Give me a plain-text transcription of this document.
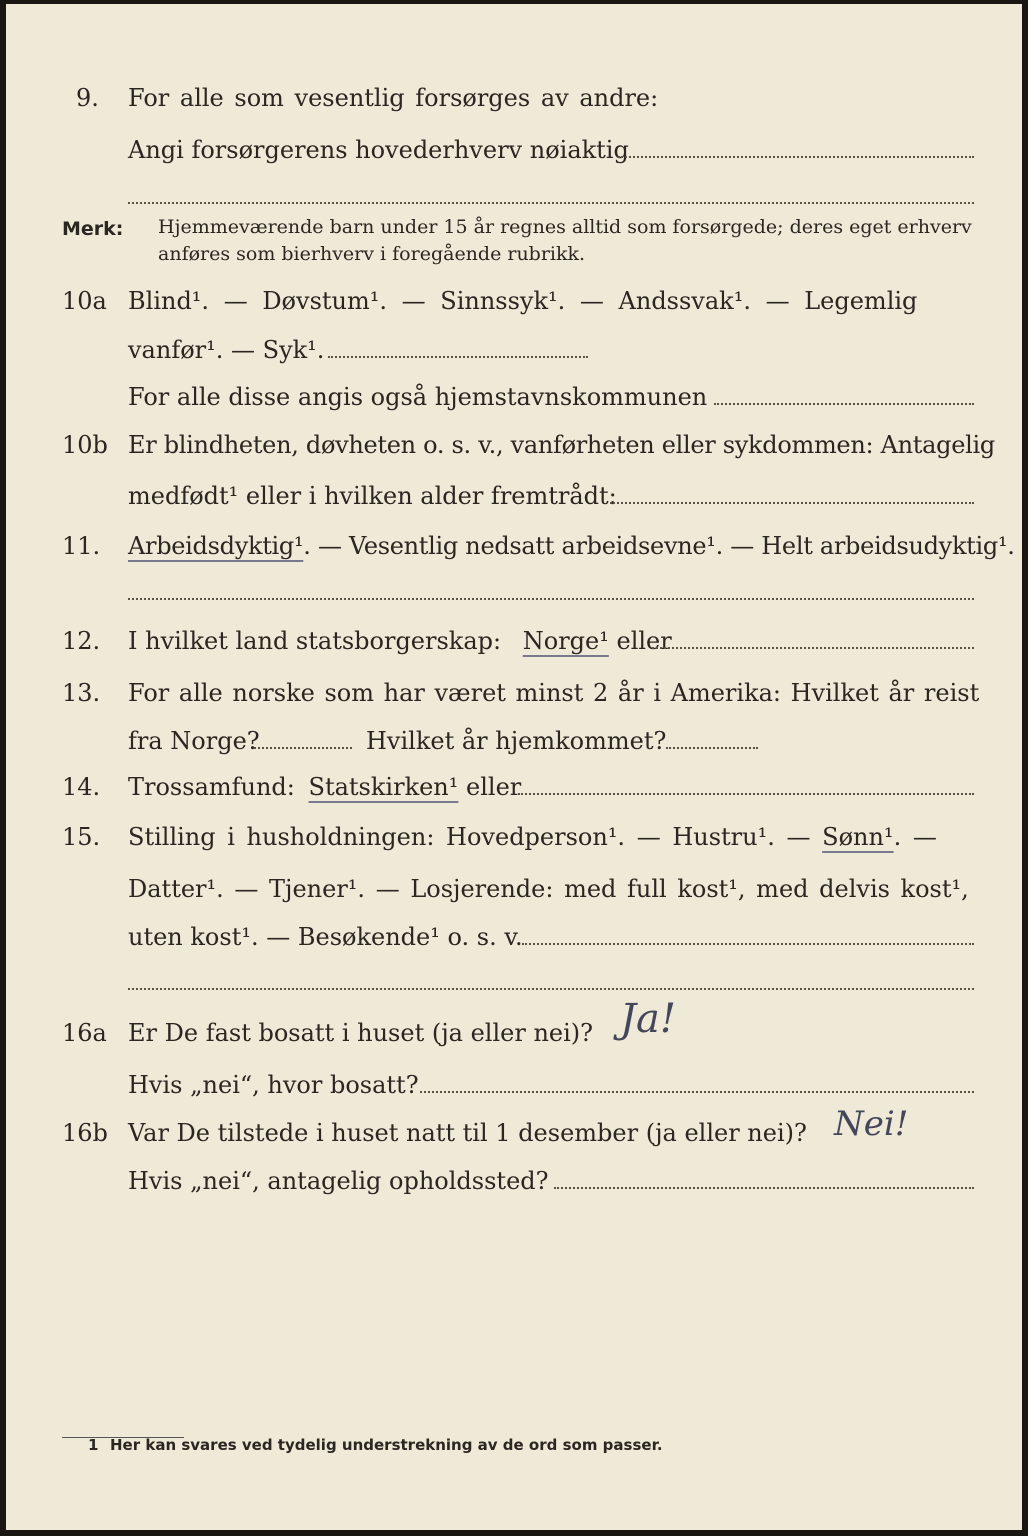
9. For alle som vesentlig forsørges av andre:
Angi forsørgerens hovederhverv nøiaktig
Merk: Hjemmeværende barn under 15 år regnes alltid som forsørgede; deres eget erhverv
anføres som bierhverv i foregående rubrikk.
10a Blind¹. — Døvstum¹. — Sinnssyk¹. — Andssvak¹. — Legemlig
vanfør¹. — Syk¹.
For alle disse angis også hjemstavnskommunen
10b Er blindheten, døvheten o. s. v., vanførheten eller sykdommen: Antagelig
medfødt¹ eller i hvilken alder fremtrådt:
11. Arbeidsdyktig¹. — Vesentlig nedsatt arbeidsevne¹. — Helt arbeidsudyktig¹.
12. I hvilket land statsborgerskap: Norge¹ eller
13. For alle norske som har været minst 2 år i Amerika: Hvilket år reist
fra Norge?	Hvilket år hjemkommet?
14. Trossamfund: Statskirken¹ eller
15. Stilling i husholdningen: Hovedperson¹. — Hustru¹. — Sønn¹. —
Datter¹. — Tjener¹. — Losjerende: med full kost¹, med delvis kost¹,
uten kost¹. — Besøkende¹ o. s. v.
16a Er De fast bosatt i huset (ja eller nei)? Ja!
Hvis „nei“, hvor bosatt?
16b Var De tilstede i huset natt til 1 desember (ja eller nei)? Nei!
Hvis „nei“, antagelig opholdssted?
1 Her kan svares ved tydelig understrekning av de ord som passer.
